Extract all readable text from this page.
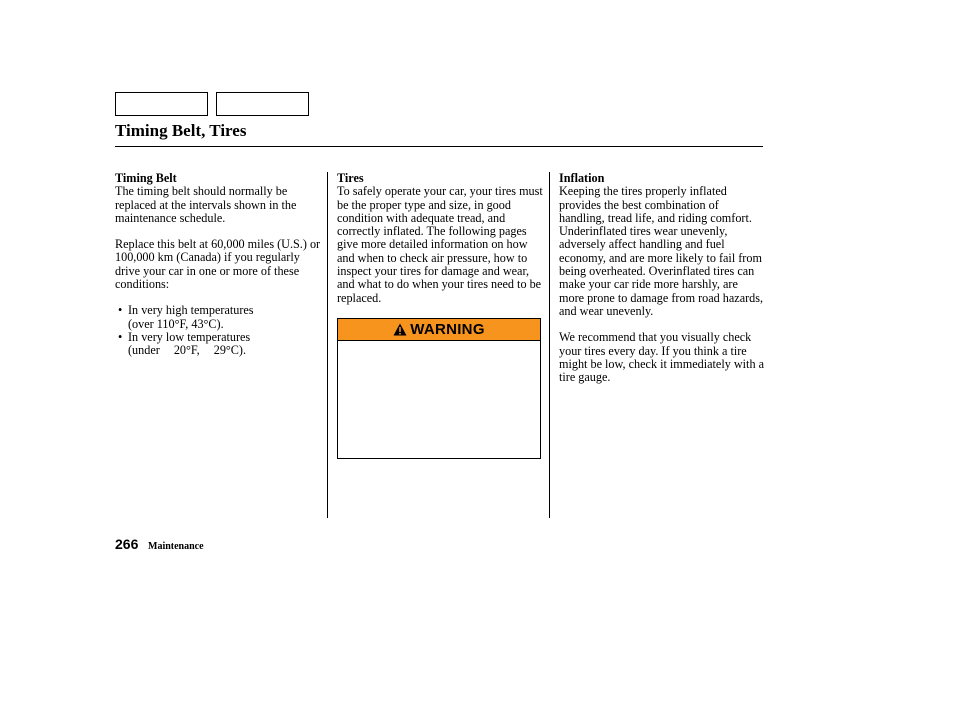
Timing Belt, Tires
Timing Belt

The timing belt should normally be replaced at the intervals shown in the maintenance schedule.

Replace this belt at 60,000 miles (U.S.) or 100,000 km (Canada) if you regularly drive your car in one or more of these conditions:

• In very high temperatures
(over 110°F, 43°C).
• In very low temperatures
(under 20°F, 29°C).
Tires

To safely operate your car, your tires must be the proper type and size, in good condition with adequate tread, and correctly inflated. The following pages give more detailed information on how and when to check air pressure, how to inspect your tires for damage and wear, and what to do when your tires need to be replaced.

WARNING
Inflation

Keeping the tires properly inflated provides the best combination of handling, tread life, and riding comfort. Underinflated tires wear unevenly, adversely affect handling and fuel economy, and are more likely to fail from being overheated. Overinflated tires can make your car ride more harshly, are more prone to damage from road hazards, and wear unevenly.

We recommend that you visually check your tires every day. If you think a tire might be low, check it immediately with a tire gauge.

266 Maintenance
